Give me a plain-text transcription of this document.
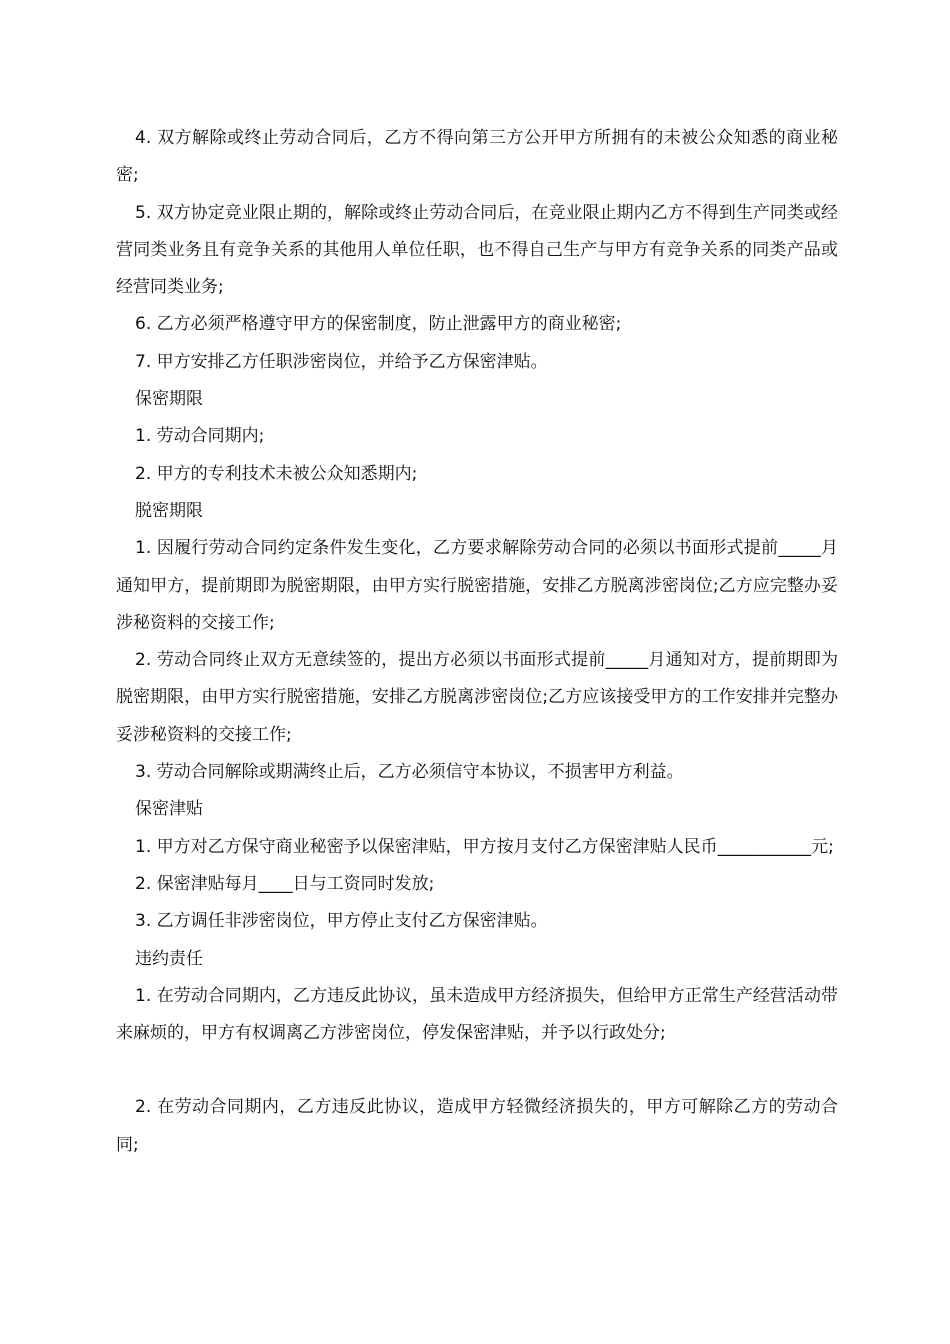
4. 双方解除或终止劳动合同后，乙方不得向第三方公开甲方所拥有的未被公众知悉的商业秘密;

5. 双方协定竞业限止期的，解除或终止劳动合同后，在竞业限止期内乙方不得到生产同类或经营同类业务且有竞争关系的其他用人单位任职，也不得自己生产与甲方有竞争关系的同类产品或经营同类业务;

6. 乙方必须严格遵守甲方的保密制度，防止泄露甲方的商业秘密;

7. 甲方安排乙方任职涉密岗位，并给予乙方保密津贴。

保密期限

1. 劳动合同期内;

2. 甲方的专利技术未被公众知悉期内;

脱密期限

1. 因履行劳动合同约定条件发生变化，乙方要求解除劳动合同的必须以书面形式提前_____月通知甲方，提前期即为脱密期限，由甲方实行脱密措施，安排乙方脱离涉密岗位;乙方应完整办妥涉秘资料的交接工作;

2. 劳动合同终止双方无意续签的，提出方必须以书面形式提前_____月通知对方，提前期即为脱密期限，由甲方实行脱密措施，安排乙方脱离涉密岗位;乙方应该接受甲方的工作安排并完整办妥涉秘资料的交接工作;

3. 劳动合同解除或期满终止后，乙方必须信守本协议，不损害甲方利益。

保密津贴

1. 甲方对乙方保守商业秘密予以保密津贴，甲方按月支付乙方保密津贴人民币___________元;

2. 保密津贴每月____日与工资同时发放;

3. 乙方调任非涉密岗位，甲方停止支付乙方保密津贴。

违约责任

1. 在劳动合同期内，乙方违反此协议，虽未造成甲方经济损失，但给甲方正常生产经营活动带来麻烦的，甲方有权调离乙方涉密岗位，停发保密津贴，并予以行政处分;

2. 在劳动合同期内，乙方违反此协议，造成甲方轻微经济损失的，甲方可解除乙方的劳动合同;
